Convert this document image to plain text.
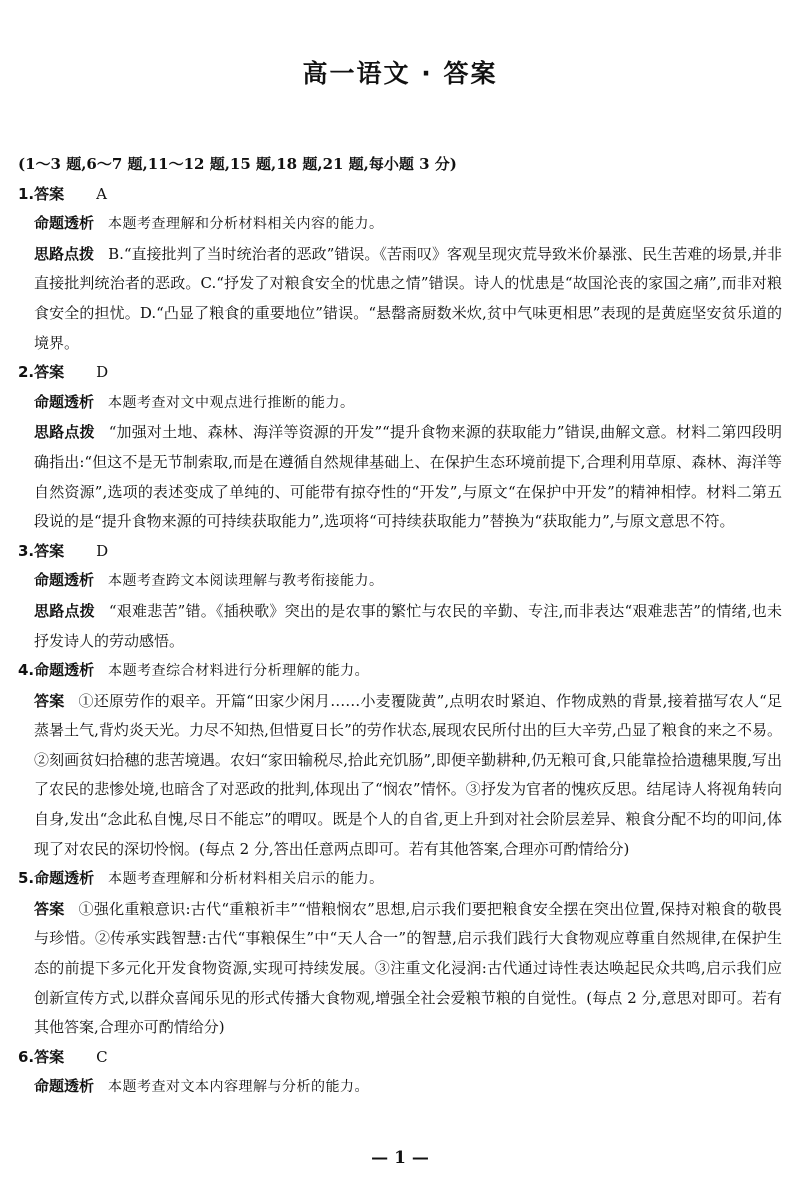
高一语文 · 答案

(1～3 题,6～7 题,11～12 题,15 题,18 题,21 题,每小题 3 分)

1.答案 A

命题透析 本题考查理解和分析材料相关内容的能力。

思路点拨 B.“直接批判了当时统治者的恶政”错误。《苦雨叹》客观呈现灾荒导致米价暴涨、民生苦难的场景,并非直接批判统治者的恶政。C.“抒发了对粮食安全的忧患之情”错误。诗人的忧患是“故国沦丧的家国之痛”,而非对粮食安全的担忧。D.“凸显了粮食的重要地位”错误。“悬罄斋厨数米炊,贫中气味更相思”表现的是黄庭坚安贫乐道的境界。

2.答案 D

命题透析 本题考查对文中观点进行推断的能力。

思路点拨 “加强对土地、森林、海洋等资源的开发”“提升食物来源的获取能力”错误,曲解文意。材料二第四段明确指出:“但这不是无节制索取,而是在遵循自然规律基础上、在保护生态环境前提下,合理利用草原、森林、海洋等自然资源”,选项的表述变成了单纯的、可能带有掠夺性的“开发”,与原文“在保护中开发”的精神相悖。材料二第五段说的是“提升食物来源的可持续获取能力”,选项将“可持续获取能力”替换为“获取能力”,与原文意思不符。

3.答案 D

命题透析 本题考查跨文本阅读理解与教考衔接能力。

思路点拨 “艰难悲苦”错。《插秧歌》突出的是农事的繁忙与农民的辛勤、专注,而非表达“艰难悲苦”的情绪,也未抒发诗人的劳动感悟。

4.命题透析 本题考查综合材料进行分析理解的能力。

答案 ①还原劳作的艰辛。开篇“田家少闲月……小麦覆陇黄”,点明农时紧迫、作物成熟的背景,接着描写农人“足蒸暑土气,背灼炎天光。力尽不知热,但惜夏日长”的劳作状态,展现农民所付出的巨大辛劳,凸显了粮食的来之不易。②刻画贫妇拾穗的悲苦境遇。农妇“家田输税尽,拾此充饥肠”,即便辛勤耕种,仍无粮可食,只能靠捡拾遗穗果腹,写出了农民的悲惨处境,也暗含了对恶政的批判,体现出了“悯农”情怀。③抒发为官者的愧疚反思。结尾诗人将视角转向自身,发出“念此私自愧,尽日不能忘”的喟叹。既是个人的自省,更上升到对社会阶层差异、粮食分配不均的叩问,体现了对农民的深切怜悯。(每点 2 分,答出任意两点即可。若有其他答案,合理亦可酌情给分)

5.命题透析 本题考查理解和分析材料相关启示的能力。

答案 ①强化重粮意识:古代“重粮祈丰”“惜粮悯农”思想,启示我们要把粮食安全摆在突出位置,保持对粮食的敬畏与珍惜。②传承实践智慧:古代“事粮保生”中“天人合一”的智慧,启示我们践行大食物观应尊重自然规律,在保护生态的前提下多元化开发食物资源,实现可持续发展。③注重文化浸润:古代通过诗性表达唤起民众共鸣,启示我们应创新宣传方式,以群众喜闻乐见的形式传播大食物观,增强全社会爱粮节粮的自觉性。(每点 2 分,意思对即可。若有其他答案,合理亦可酌情给分)

6.答案 C

命题透析 本题考查对文本内容理解与分析的能力。

— 1 —
